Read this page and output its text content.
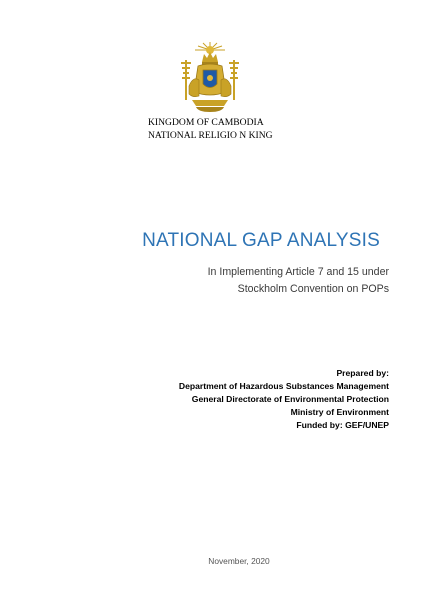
KINGDOM OF CAMBODIA
NATIONAL RELIGIO N KING
NATIONAL GAP ANALYSIS
In Implementing Article 7 and 15 under
Stockholm Convention on POPs
Prepared by:
Department of Hazardous Substances Management
General Directorate of Environmental Protection
Ministry of Environment
Funded by: GEF/UNEP
November, 2020
